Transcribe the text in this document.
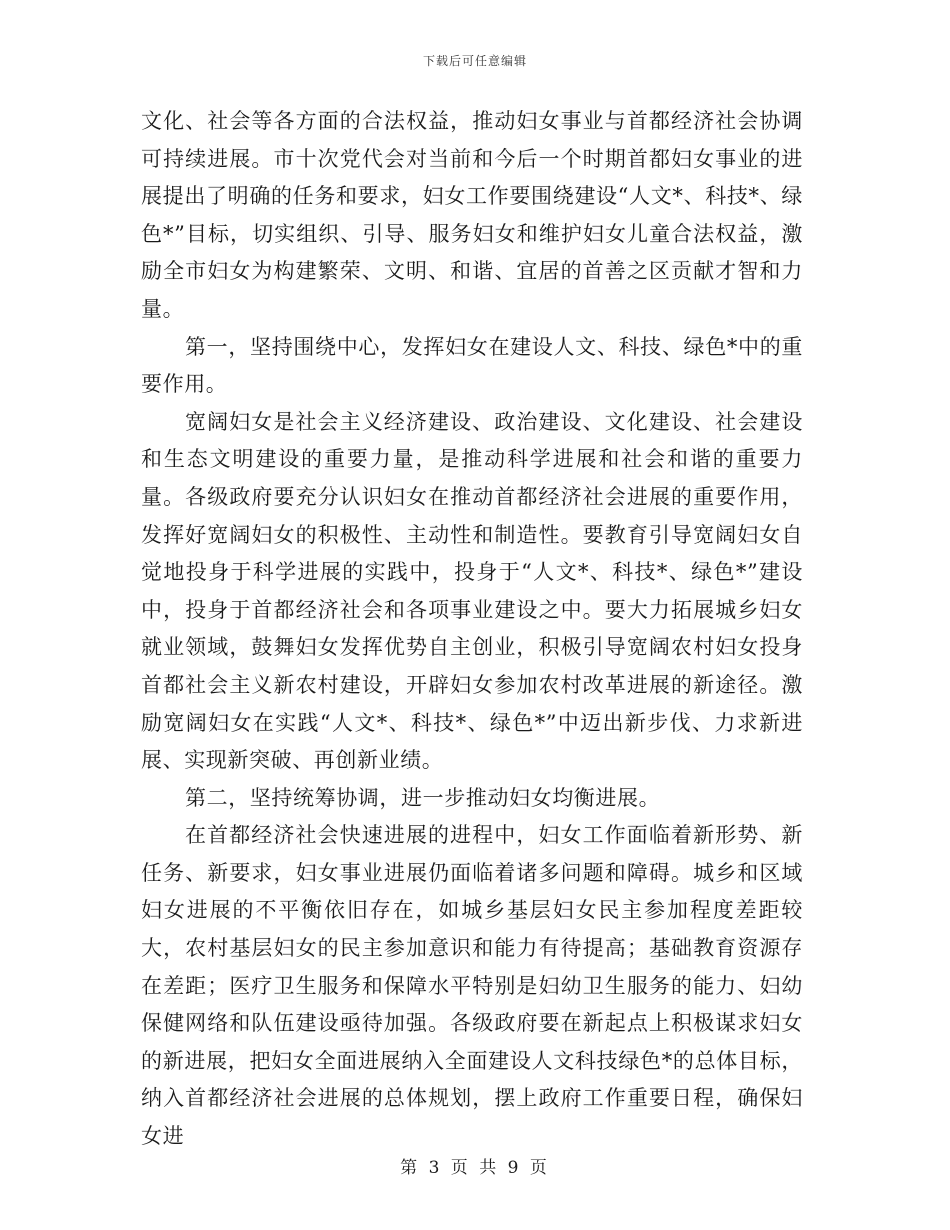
下载后可任意编辑

文化、社会等各方面的合法权益，推动妇女事业与首都经济社会协调可持续进展。市十次党代会对当前和今后一个时期首都妇女事业的进展提出了明确的任务和要求，妇女工作要围绕建设“人文*、科技*、绿色*”目标，切实组织、引导、服务妇女和维护妇女儿童合法权益，激励全市妇女为构建繁荣、文明、和谐、宜居的首善之区贡献才智和力量。

第一，坚持围绕中心，发挥妇女在建设人文、科技、绿色*中的重要作用。

宽阔妇女是社会主义经济建设、政治建设、文化建设、社会建设和生态文明建设的重要力量，是推动科学进展和社会和谐的重要力量。各级政府要充分认识妇女在推动首都经济社会进展的重要作用，发挥好宽阔妇女的积极性、主动性和制造性。要教育引导宽阔妇女自觉地投身于科学进展的实践中，投身于“人文*、科技*、绿色*”建设中，投身于首都经济社会和各项事业建设之中。要大力拓展城乡妇女就业领域，鼓舞妇女发挥优势自主创业，积极引导宽阔农村妇女投身首都社会主义新农村建设，开辟妇女参加农村改革进展的新途径。激励宽阔妇女在实践“人文*、科技*、绿色*”中迈出新步伐、力求新进展、实现新突破、再创新业绩。

第二，坚持统筹协调，进一步推动妇女均衡进展。

在首都经济社会快速进展的进程中，妇女工作面临着新形势、新任务、新要求，妇女事业进展仍面临着诸多问题和障碍。城乡和区域妇女进展的不平衡依旧存在，如城乡基层妇女民主参加程度差距较大，农村基层妇女的民主参加意识和能力有待提高；基础教育资源存在差距；医疗卫生服务和保障水平特别是妇幼卫生服务的能力、妇幼保健网络和队伍建设亟待加强。各级政府要在新起点上积极谋求妇女的新进展，把妇女全面进展纳入全面建设人文科技绿色*的总体目标，纳入首都经济社会进展的总体规划，摆上政府工作重要日程，确保妇女进

第 3 页 共 9 页
